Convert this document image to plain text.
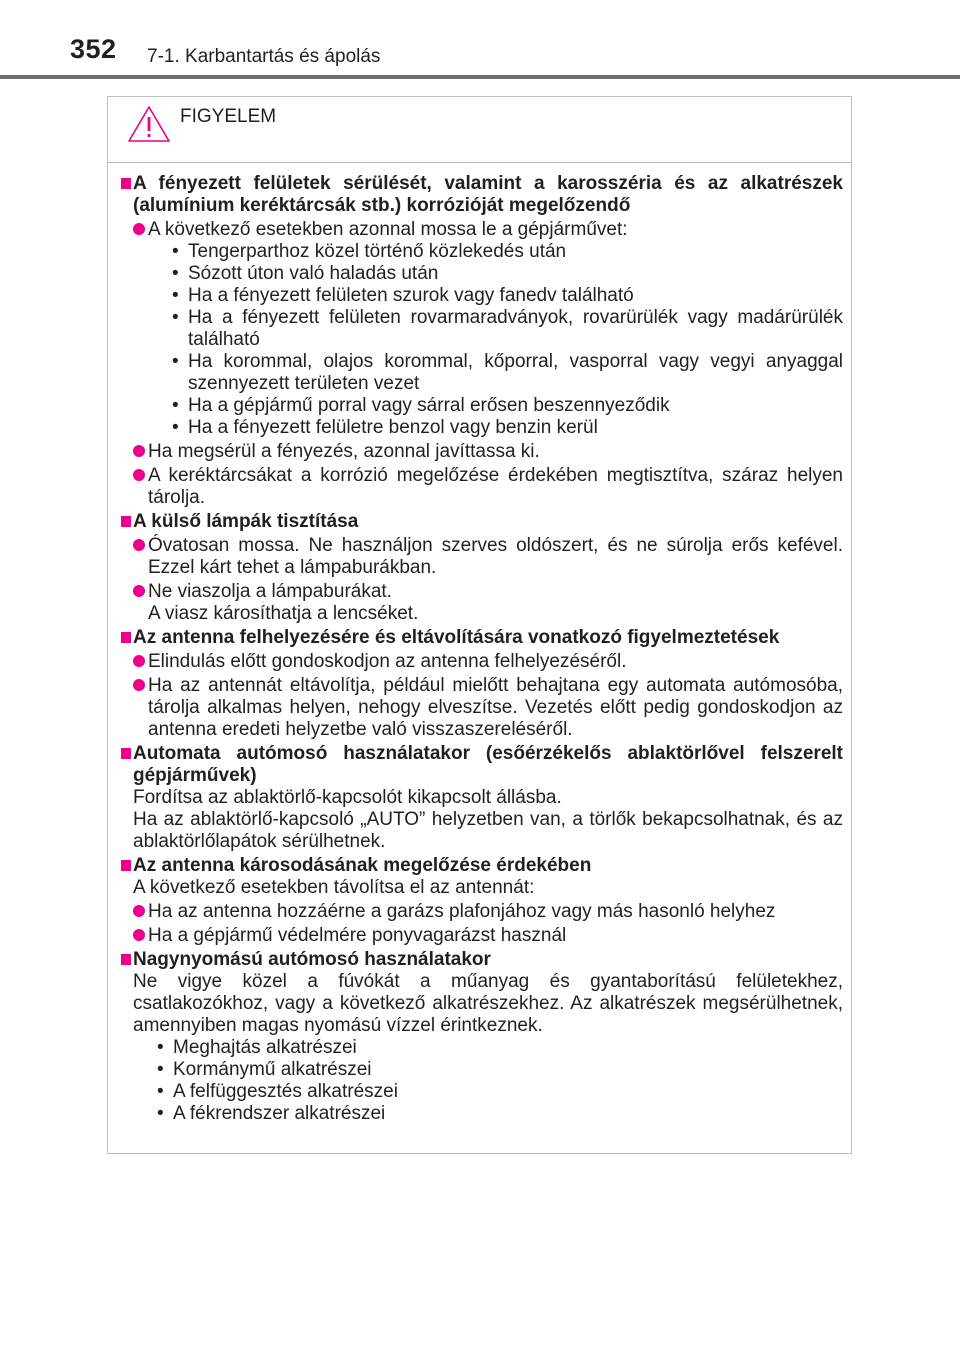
352 7-1. Karbantartás és ápolás
FIGYELEM
A fényezett felületek sérülését, valamint a karosszéria és az alkatrészek (alumínium keréktárcsák stb.) korrózióját megelőzendő
A következő esetekben azonnal mossa le a gépjárművet:
• Tengerparthoz közel történő közlekedés után
• Sózott úton való haladás után
• Ha a fényezett felületen szurok vagy fanedv található
• Ha a fényezett felületen rovarmaradványok, rovarürülék vagy madárürülék található
• Ha korommal, olajos korommal, kőporral, vasporral vagy vegyi anyaggal szennyezett területen vezet
• Ha a gépjármű porral vagy sárral erősen beszennyeződik
• Ha a fényezett felületre benzol vagy benzin kerül
Ha megsérül a fényezés, azonnal javíttassa ki.
A keréktárcsákat a korrózió megelőzése érdekében megtisztítva, száraz helyen tárolja.
A külső lámpák tisztítása
Óvatosan mossa. Ne használjon szerves oldószert, és ne súrolja erős kefével. Ezzel kárt tehet a lámpaburákban.
Ne viaszolja a lámpaburákat.
A viasz károsíthatja a lencséket.
Az antenna felhelyezésére és eltávolítására vonatkozó figyelmeztetések
Elindulás előtt gondoskodjon az antenna felhelyezéséről.
Ha az antennát eltávolítja, például mielőtt behajtana egy automata autómosóba, tárolja alkalmas helyen, nehogy elveszítse. Vezetés előtt pedig gondoskodjon az antenna eredeti helyzetbe való visszaszereléséről.
Automata autómosó használatakor (esőérzékelős ablaktörlővel felszerelt gépjárművek)
Fordítsa az ablaktörlő-kapcsolót kikapcsolt állásba.
Ha az ablaktörlő-kapcsoló „AUTO” helyzetben van, a törlők bekapcsolhatnak, és az ablaktörlőlapátok sérülhetnek.
Az antenna károsodásának megelőzése érdekében
A következő esetekben távolítsa el az antennát:
Ha az antenna hozzáérne a garázs plafonjához vagy más hasonló helyhez
Ha a gépjármű védelmére ponyvagarázst használ
Nagynyomású autómosó használatakor
Ne vigye közel a fúvókát a műanyag és gyantaborítású felületekhez, csatlakozókhoz, vagy a következő alkatrészekhez. Az alkatrészek megsérülhetnek, amennyiben magas nyomású vízzel érintkeznek.
• Meghajtás alkatrészei
• Kormánymű alkatrészei
• A felfüggesztés alkatrészei
• A fékrendszer alkatrészei
